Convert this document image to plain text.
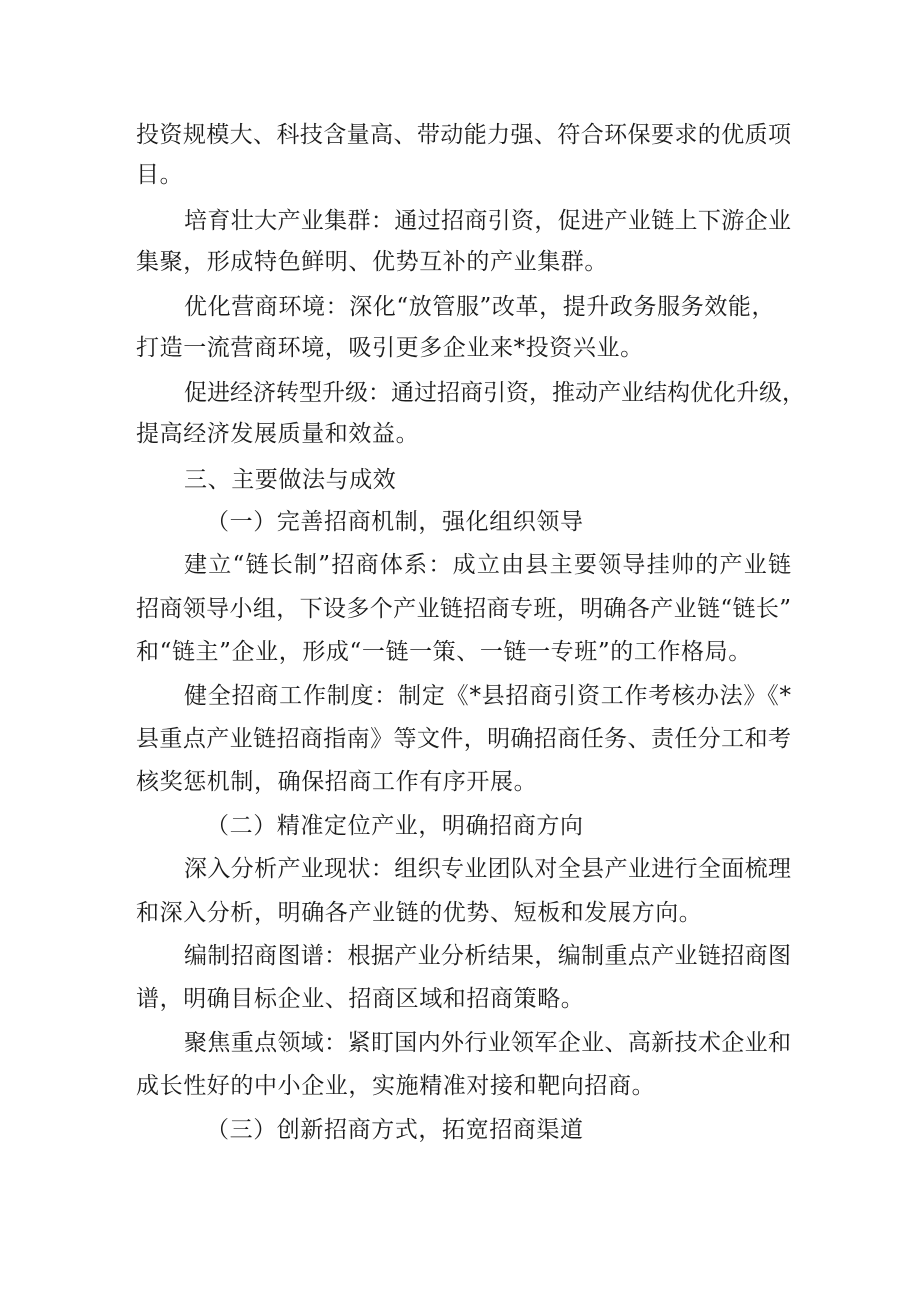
投资规模大、科技含量高、带动能力强、符合环保要求的优质项
目。
培育壮大产业集群：通过招商引资，促进产业链上下游企业
集聚，形成特色鲜明、优势互补的产业集群。
优化营商环境：深化“放管服”改革，提升政务服务效能，
打造一流营商环境，吸引更多企业来*投资兴业。
促进经济转型升级：通过招商引资，推动产业结构优化升级，
提高经济发展质量和效益。
三、主要做法与成效
（一）完善招商机制，强化组织领导
建立“链长制”招商体系：成立由县主要领导挂帅的产业链
招商领导小组，下设多个产业链招商专班，明确各产业链“链长”
和“链主”企业，形成“一链一策、一链一专班”的工作格局。
健全招商工作制度：制定《*县招商引资工作考核办法》《*
县重点产业链招商指南》等文件，明确招商任务、责任分工和考
核奖惩机制，确保招商工作有序开展。
（二）精准定位产业，明确招商方向
深入分析产业现状：组织专业团队对全县产业进行全面梳理
和深入分析，明确各产业链的优势、短板和发展方向。
编制招商图谱：根据产业分析结果，编制重点产业链招商图
谱，明确目标企业、招商区域和招商策略。
聚焦重点领域：紧盯国内外行业领军企业、高新技术企业和
成长性好的中小企业，实施精准对接和靶向招商。
（三）创新招商方式，拓宽招商渠道
